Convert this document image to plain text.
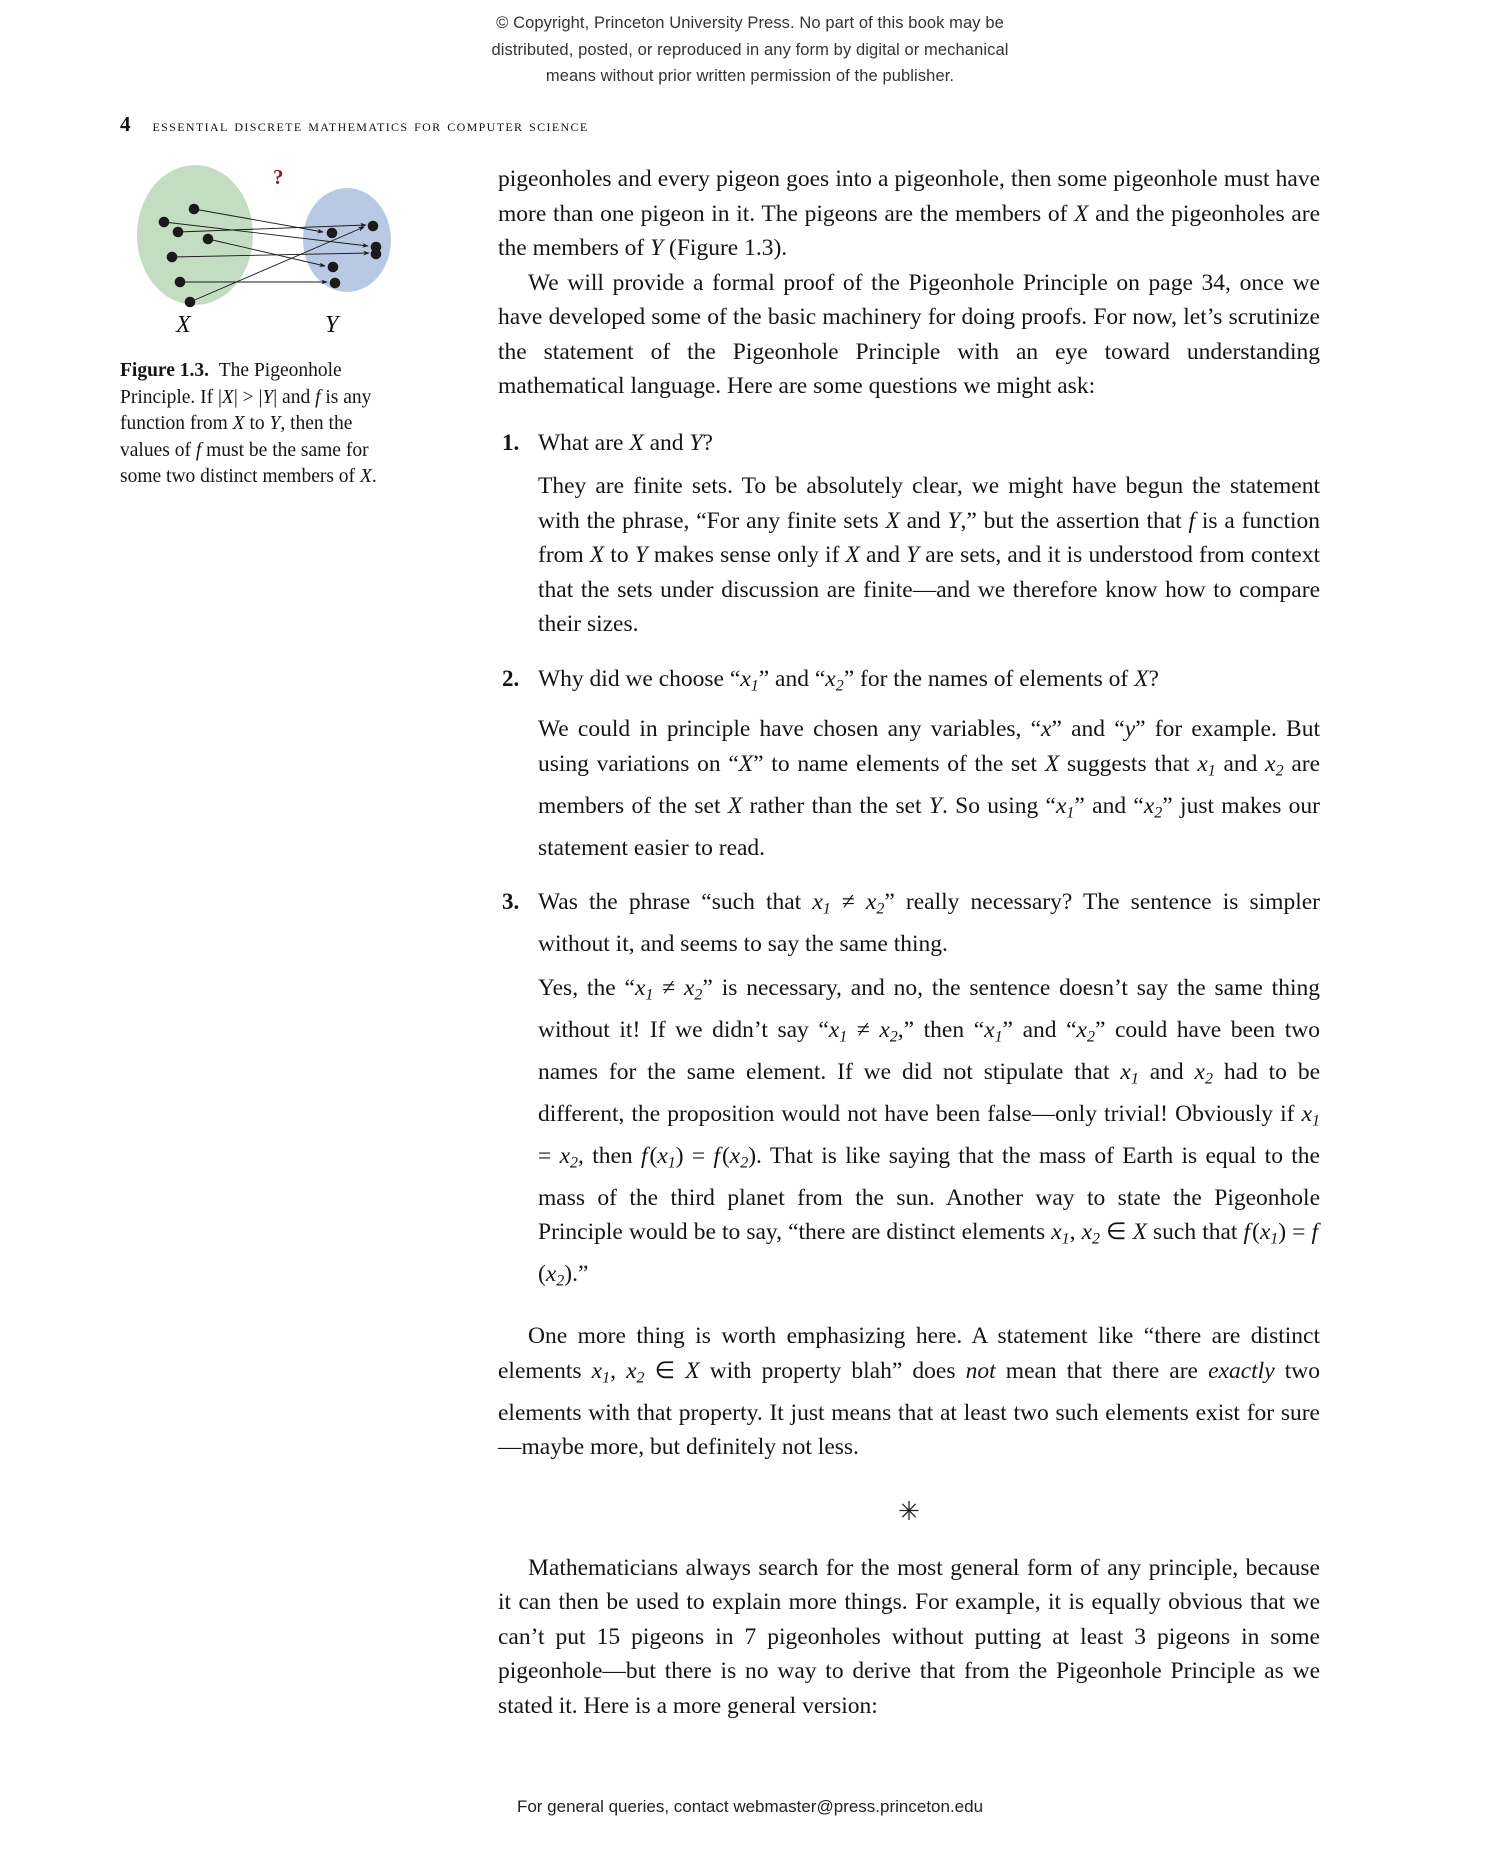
© Copyright, Princeton University Press. No part of this book may be
distributed, posted, or reproduced in any form by digital or mechanical
means without prior written permission of the publisher.
4 essential discrete mathematics for computer science
?
X	Y
Figure 1.3.  The Pigeonhole Principle. If |X| > |Y| and f is any function from X to Y, then the values of f must be the same for some two distinct members of X.

pigeonholes and every pigeon goes into a pigeonhole, then some pigeonhole must have more than one pigeon in it. The pigeons are the members of X and the pigeonholes are the members of Y (Figure 1.3).

We will provide a formal proof of the Pigeonhole Principle on page 34, once we have developed some of the basic machinery for doing proofs. For now, let’s scrutinize the statement of the Pigeonhole Principle with an eye toward understanding mathematical language. Here are some questions we might ask:

1. What are X and Y?
They are finite sets. To be absolutely clear, we might have begun the statement with the phrase, “For any finite sets X and Y,” but the assertion that f is a function from X to Y makes sense only if X and Y are sets, and it is understood from context that the sets under discussion are finite—and we therefore know how to compare their sizes.
2. Why did we choose “$x_1$” and “$x_2$” for the names of elements of X?
We could in principle have chosen any variables, “x” and “y” for example. But using variations on “X” to name elements of the set X suggests that $x_1$ and $x_2$ are members of the set X rather than the set Y. So using “$x_1$” and “$x_2$” just makes our statement easier to read.
3. Was the phrase “such that $x_1 \ne x_2$” really necessary? The sentence is simpler without it, and seems to say the same thing.
Yes, the “$x_1 \ne x_2$” is necessary, and no, the sentence doesn’t say the same thing without it! If we didn’t say “$x_1 \ne x_2$,” then “$x_1$” and “$x_2$” could have been two names for the same element. If we did not stipulate that $x_1$ and $x_2$ had to be different, the proposition would not have been false—only trivial! Obviously if $x_1 = x_2$, then f $(x_1) = f$ $(x_2)$. That is like saying that the mass of Earth is equal to the mass of the third planet from the sun. Another way to state the Pigeonhole Principle would be to say, “there are distinct elements $x_1$, $x_2$ ∈ X such that f $(x_1) = f$ $(x_2)$.”

One more thing is worth emphasizing here. A statement like “there are distinct elements $x_1$, $x_2$ ∈ X with property blah” does not mean that there are exactly two elements with that property. It just means that at least two such elements exist for sure—maybe more, but definitely not less.

✳

Mathematicians always search for the most general form of any principle, because it can then be used to explain more things. For example, it is equally obvious that we can’t put 15 pigeons in 7 pigeonholes without putting at least 3 pigeons in some pigeonhole—but there is no way to derive that from the Pigeonhole Principle as we stated it. Here is a more general version:

For general queries, contact webmaster@press.princeton.edu
